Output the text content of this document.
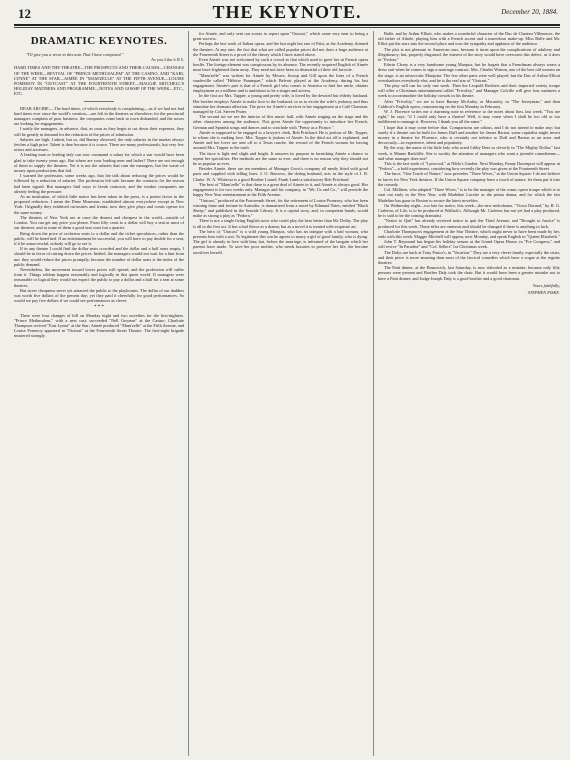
12	THE KEYNOTE.	December 20, 1884.
DRAMATIC KEYNOTES.
"I'll give you a verse to this note That I have composed."
As you Like it II.5.
HARD TIMES AND THE THEATRE—THE PROSPECTS AND THEIR CAUSES—CHANGES OF THE WEEK—REVIVAL OF "PRINCE METHUSALEM" AT THE CASINO, AND "KARL LYNNE" AT THE STAR—AIMÉE IN "MAM'ZELLE" AT THE FIFTH AVENUE—LOUISE POMEROY IN "OUTCAST" AT THE FOURTEENTH STREET—MAGGIE MITCHELL'S HOLIDAY MATINEES AND PROGRAMME—NOTES AND GOSSIP OF THE WEEK—ETC., ETC.
DEAR ARCHIE:—The hard times, of which everybody is complaining,—as if we had not had hard times ever since the world's creation,—are felt in the theatres as elsewhere; for the provincial managers complain of poor business, the companies come back to town disbanded, and the actors are looking for engagements.
I notify the managers, in advance, that, as soon as they begin to cut down their expenses, they will be greatly in demand for the reduction of the prices of admission.
Salaries are high, I admit, but so, did Barney observed, the only salaries in the market always fetches a high price. Talent is dear because it is scarce. There are many professionals, but very few actors and actresses.
A leading man or leading lady can now command a salary for which a star would have been glad to take twenty years ago. But where are your leading men and ladies? There are not enough of them to supply the theatres. Yet it is not the salaries that ruin the managers, but the waste of money upon productions that fail.
I warned the profession, some weeks ago, that the talk about reducing the prices would be followed by a reduction of salaries. The profession felt safe because the contracts for the season had been signed. But managers find ways to break contracts, and the weaker companies are already feeling the pressure.
As an institution, of which little notice has been taken in the press, is a potent factor in the proposed reduction. I mean the Dime Museums, established almost everywhere except in New York. Originally they exhibited curiosities and freaks; now they give plays and comic operas for the same money.
The theatres of New York are at once the dearest and cheapest in the world—outside of London. You can get any price you please. From fifty cents to a dollar will buy a seat at most of our theatres; and at some of them a good seat costs but a quarter.
Bring down the price of orchestra seats to a dollar and the ticket speculators, rather than the public, will be benefited. If an entertainment be successful, you will have to pay double for a seat; if it be unsuccessful, nobody will go to see it.
If in any theatre I could find the dollar seats crowded and the dollar and a half seats empty, I should be in favor of cutting down the prices. Indeed, the managers would not wait for a hint from me; they would reduce the prices promptly, because the number of dollar seats is the index of the public demand.
Nevertheless, the movement toward lower prices will spread, and the profession will suffer from it. Things seldom happen reasonably and logically in this queer world. If managers were reasonable or logical they would not expect the public to pay a dollar and a half for a seat at some theatres.
But street cheapness never yet attracted the public to the playhouses. The dollar of our daddies was worth five dollars of the present day; yet they paid it cheerfully for good performances. So would we pay five dollars if we could see performances as clever.
* * *
There were four changes of bill on Monday night and two novelties for the first-nighters. "Prince Methusalem," with a new cast, succeeded "Nell Gwynne" at the Casino; Charlotte Thompson revived "East Lynne" at the Star; Aimée produced "Mam'zelle" at the Fifth Avenue, and Louise Pomeroy appeared in "Outcast" at the Fourteenth Street Theatre. The first-night brigade mustered strongly.
for Aimée, and only sent out scouts to report upon "Outcast," which came very near to being a great success.
Perhaps the last week of Italian opera, and the last night but one of Patti, at the Academy, thinned the theatres. At any rate, the fact that what are called popular prices did not draw a large audience at the Fourteenth Street is a proof of the theory which I have stated above.
Even Aimée was not welcomed by such a crowd as that which used to greet her in French opera bouffe. The foreign element was conspicuous by its absence. The recently acquired English of Aimée must have frightened them away. They need not have been so distrustful of their old favorite.
"Mam'zelle" was written for Aimée by Messrs. Jessop and Gill upon the lines of a French vaudeville called "Héloïse Paranquet," which Belvoir played at the Academy, during his last engagement. Aimée's part is that of a French girl who comes to America to find her uncle, obtains employment as a milliner and is ambitious to be a singer and actress.
In the first act Mrs. Tupper, a young and pretty wife, is loved by the devoted but elderly husband. Her brother employs Aimée to make love to the husband, so as to excite the wife's jealousy and thus stimulate her dormant affection. The price for Aimée's services is her engagement at a Café Chantant, managed by Col. Steven Prater.
The second act we see the interior of this music hall, with Aimée singing on the stage and the other characters among the audience. This gives Aimée the opportunity to introduce her French, German and Spanish songs and dances and to conclude with "Pretty as a Picture."
Aimée is supposed to be engaged to a lawyer's clerk, Bob Pritchard. He is jealous of Mr. Tupper, to whom she is making love. Mrs. Tupper is jealous of Aimée. In the third act all is explained, and Aimée and her lover are sent off to a Texas ranche, the reward of the French woman for having aroused Mrs. Tupper to the truth.
The farce is light and slight and bright. It answers its purpose in furnishing Aimée a chance to repeat her specialties. Her methods are the same as ever, and there is no reason why they should not be as popular as ever.
Besides Aimée, there are ten members of Manager Gross's company all neatly fitted with good parts and supplied with telling lines. J. O. Barrows, the doting husband, acts in the style of J. B. Clarke. W. A. Whitecar is a good Brother Lionel; Frank Lamb a satisfactory Bob Pritchard.
The best of "Mam'zelle" is that there is a great deal of Aimée in it, and Aimée is always good. Her engagement is for two weeks only. Manager and his company, in "We, Us and Co.," will provide the happy New Year entertainment at the Fifth Avenue.
"Outcast," produced at the Fourteenth Street, for the retirement of Louise Pomeroy, who has been winning fame and fortune in Australia, is dramatized from a novel by Edmund Yates, entitled "Black Sheep," and published in the Seaside Library. It is a capital story, and, in competent hands, would make as strong a play as "Fedora."
There is not a single living English actor who could play the hero better than Mr. Dolby. The play is all in the first act. It has a bad flavor as a drama; but as a novel it is treated with exquisite art.
The hero of "Outcast" is a wild young Marquis, who has an intrigue with a bad woman, who presents him with a son. To legitimate this son he agrees to marry a girl of good family, who is dying. The girl is already in love with him; but, before the marriage, is informed of the bargain which her parents have made. To save her poor mother, who needs luxuries to preserve her life, the heroine sacrifices herself.
Balfe, and by Arthur Elliott, who makes a wonderful character of the Duc de Chateau Villeneuve, the old father of Athole, playing him with a French accent and a marvelous make-up. Miss Balfe and Mr. Elliot put the stars into the second place and won the sympathy and applause of the audience.
The plot is not pleasant to American ears, because it turns upon the complications of adultery and illegitimacy; but, properly disguised, the interest of the story would have overcome this defect, as it does in "Fedora."
Edwin Cleary is a very handsome young Marquis; but he forgets that a Frenchman always wears a dress suit when he comes to sign a marriage contract. Mrs. Charles Watson, one of the best old women on the stage, is an aristocratic Marquise. The few other parts were well played; but the Duc of Arthur Elliott overshadows everybody else, and he is the real star of "Outcast."
The play will run for only one week. Then the Leopold Brothers and their imported variety troupe will offer a Christmas entertainment called "Frivolity," and Manager Colville will give four matinees a week to accommodate the holiday crowds in his theatre.
After "Frivolity," we are to have Barney McAuley, or Macauley, in "The Jerseyman," and then Caldicot's English opera, commencing on the first Monday in February.
W. J. Florence writes me a charming note in reference to the notes about him, last week. "You are right," he says; "if I could only have a theatre! Well, it may come when I shall be too old or too indifferent to manage it. However, I thank you all the same."
I hope that it may come before that. Comparisons are odious, and I do not intend to make any; but surely if a theatre can be built for James Duff and another for James Barton, some capitalist might invest money in a theatre for Florence, who is certainly not inferior to Duff and Barton as an actor and decorously—in experience, talent and popularity.
By the way, the name of the little lady who acted Libby Deer so cleverly in "The Mighty Dollar," last week, is Minnie Radcliffe. She is worthy the attention of managers who want a juvenile comedienne—and what manager does not?
This is the last week of "Lynwood," at Niblo's Garden. Next Monday, Fanny Davenport will appear in "Fedora"—a bold experiment, considering how recently the play was given at the Fourteenth Street.
The farce, "One Touch of Nature," now precedes "Three Wives," at the Union Square. I do not believe in farces for New York theatres. If the Union Square company have a touch of nature, let them put it into the comedy.
Col. Milliken, who adapted "Three Wives," is to be the manager of the comic opera troupe which is to start out early in the New Year, with Madeline Lucette as the prima donna, and for which the fair Madeline has gone to Boston to secure the latest novelties.
On Wednesday night—too late for notice, this week—the new melodrama, "Victor Durand," by H. G. Carleton, of Life, is to be produced at Wallack's. Although Mr. Carleton has not yet had a play produced, he is said to be the coming dramatist.
"Notice to Quit" has already received notice to quit the Third Avenue, and "Brought to Justice" is produced for this week. These titles are ominous and should be changed if there is anything in luck.
Charlotte Thompson's engagement at the Star Theatre, which ought never to have been made by her, ends with this week. Maggie Mitchell will appear, next Monday, and speak English in "Queen Elizabeth."
John T. Raymond has begun his holiday season at the Grand Opera House, in "For Congress," and will revive "In Paradise" and "Col. Sellers" for Christmas week.
The Dalys are back at Tony Pastor's, in "Vacation." They are a very clever family, especially the sister, and their piece is more amusing than most of the farcical comedies which have a vogue at the regular theatres.
The Patti dinner, at the Brunswick, last Saturday, is now ridiculed as a mistake, because only fifty persons were present and Brother Daly took the chair. But it would have been a greater mistake not to have a Patti dinner; and Judge Joseph Daly is a good brother and a good chairman.
Yours faithfully,
STEPHEN FISKE.
